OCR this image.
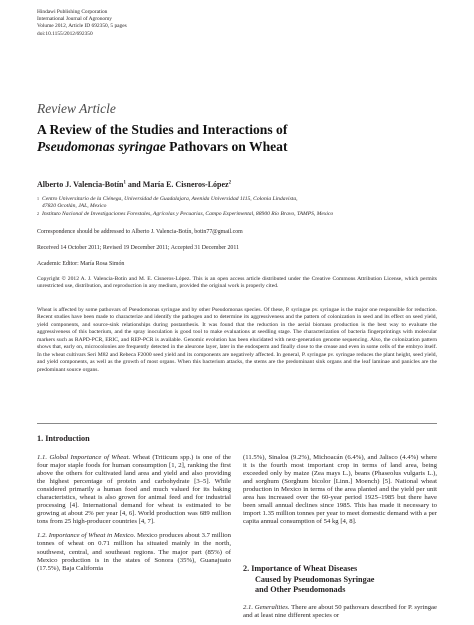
Hindawi Publishing Corporation
International Journal of Agronomy
Volume 2012, Article ID 692350, 5 pages
doi:10.1155/2012/692350
Review Article
A Review of the Studies and Interactions of
Pseudomonas syringae Pathovars on Wheat
Alberto J. Valencia-Botín$^1$ and María E. Cisneros-López$^2$
1 Centro Universitario de la Ciénega, Universidad de Guadalajara, Avenida Universidad 1115, Colonia Lindavista,
47820 Ocotlán, JAL, Mexico
2 Instituto Nacional de Investigaciones Forestales, Agrícolas y Pecuarias, Campo Experimental, 88900 Río Bravo, TAMPS, Mexico
Correspondence should be addressed to Alberto J. Valencia-Botín, botin77@gmail.com
Received 14 October 2011; Revised 19 December 2011; Accepted 31 December 2011
Academic Editor: María Rosa Simón
Copyright © 2012 A. J. Valencia-Botín and M. E. Cisneros-López. This is an open access article distributed under the Creative Commons Attribution License, which permits unrestricted use, distribution, and reproduction in any medium, provided the original work is properly cited.
Wheat is affected by some pathovars of Pseudomonas syringae and by other Pseudomonas species. Of these, P. syringae pv. syringae is the major one responsible for reduction. Recent studies have been made to characterize and identify the pathogen and to determine its aggressiveness and the pattern of colonization in seed and its effect on seed yield, yield components, and source-sink relationships during postanthesis. It was found that the reduction in the aerial biomass production is the best way to evaluate the aggressiveness of this bacterium, and the spray inoculation is good tool to make evaluations at seedling stage. The characterization of bacteria fingerprintings with molecular markers such as RAPD-PCR, ERIC, and REP-PCR is available. Genomic evolution has been elucidated with next-generation genome sequencing. Also, the colonization pattern shows that, early on, microcolonies are frequently detected in the aleurone layer, later in the endosperm and finally close to the crease and even in some cells of the embryo itself. In the wheat cultivars Seri M82 and Rebeca F2000 seed yield and its components are negatively affected. In general, P. syringae pv. syringae reduces the plant height, seed yield, and yield components, as well as the growth of most organs. When this bacterium attacks, the stems are the predominant sink organs and the leaf laminae and panicles are the predominant source organs.
1. Introduction

1.1. Global Importance of Wheat. Wheat (Triticum spp.) is one of the four major staple foods for human consumption [1, 2], ranking the first above the others for cultivated land area and yield and also providing the highest percentage of protein and carbohydrate [3–5]. While considered primarily a human food and much valued for its baking characteristics, wheat is also grown for animal feed and for industrial processing [4]. International demand for wheat is estimated to be growing at about 2% per year [4, 6]. World production was 689 million tons from 25 high-producer countries [4, 7].

1.2. Importance of Wheat in Mexico. Mexico produces about 3.7 million tonnes of wheat on 0.71 million ha situated mainly in the north, southwest, central, and southeast regions. The major part (85%) of Mexico production is in the states of Sonora (35%), Guanajuato (17.5%), Baja California

(11.5%), Sinaloa (9.2%), Michoacán (6.4%), and Jalisco (4.4%) where it is the fourth most important crop in terms of land area, being exceeded only by maize (Zea mays L.), beans (Phaseolus vulgaris L.), and sorghum (Sorghum bicolor [Linn.] Moench) [5]. National wheat production in Mexico in terms of the area planted and the yield per unit area has increased over the 60-year period 1925–1985 but there have been small annual declines since 1985. This has made it necessary to import 1.35 million tonnes per year to meet domestic demand with a per capita annual consumption of 54 kg [4, 8].

2. Importance of Wheat Diseases
Caused by Pseudomonas Syringae
and Other Pseudomonads

2.1. Generalities. There are about 50 pathovars described for P. syringae and at least nine different species or
